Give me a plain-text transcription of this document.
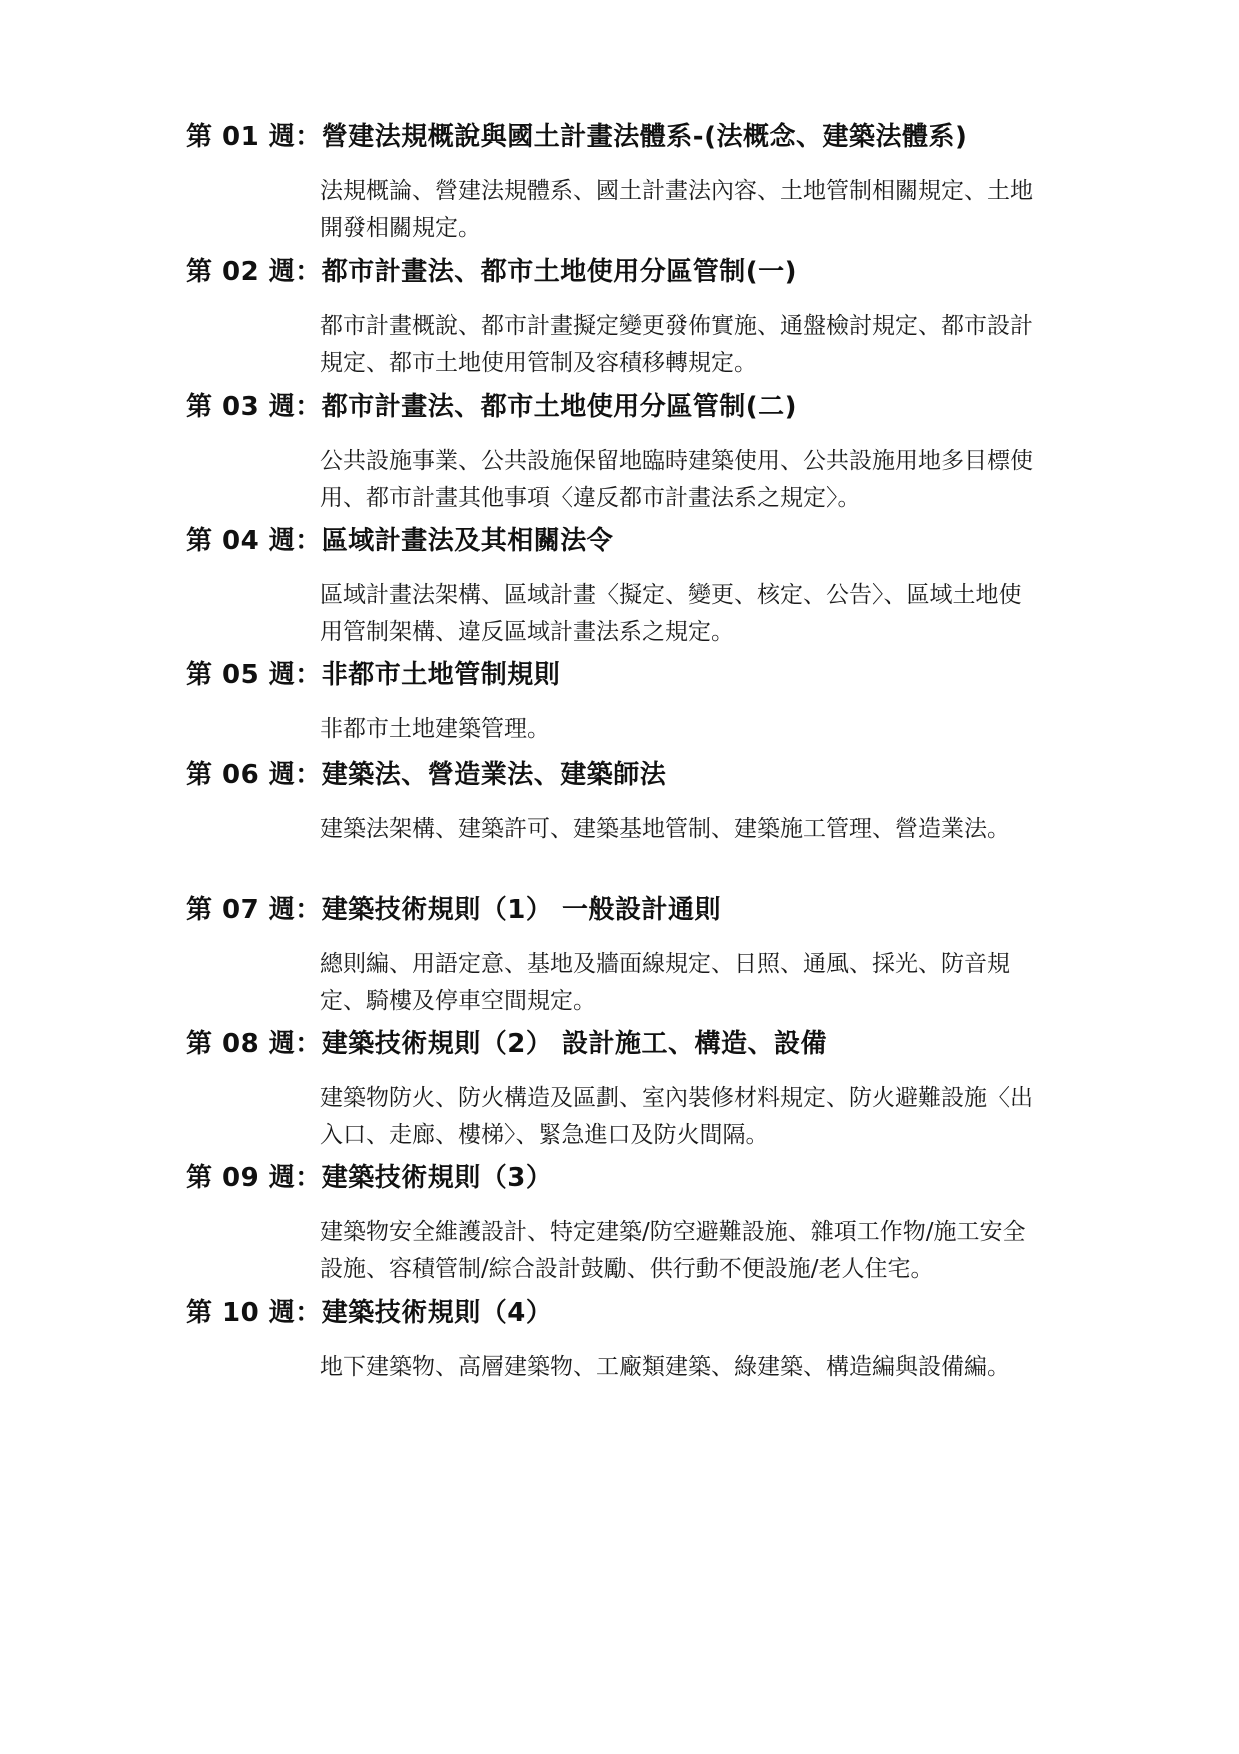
第 01 週：營建法規概說與國土計畫法體系-(法概念、建築法體系)
法規概論、營建法規體系、國土計畫法內容、土地管制相關規定、土地開發相關規定。
第 02 週：都市計畫法、都市土地使用分區管制(一)
都市計畫概說、都市計畫擬定變更發佈實施、通盤檢討規定、都市設計規定、都市土地使用管制及容積移轉規定。
第 03 週：都市計畫法、都市土地使用分區管制(二)
公共設施事業、公共設施保留地臨時建築使用、公共設施用地多目標使用、都市計畫其他事項〈違反都市計畫法系之規定〉。
第 04 週：區域計畫法及其相關法令
區域計畫法架構、區域計畫〈擬定、變更、核定、公告〉、區域土地使用管制架構、違反區域計畫法系之規定。
第 05 週：非都市土地管制規則
非都市土地建築管理。
第 06 週：建築法、營造業法、建築師法
建築法架構、建築許可、建築基地管制、建築施工管理、營造業法。
第 07 週：建築技術規則（1） 一般設計通則
總則編、用語定意、基地及牆面線規定、日照、通風、採光、防音規定、騎樓及停車空間規定。
第 08 週：建築技術規則（2） 設計施工、構造、設備
建築物防火、防火構造及區劃、室內裝修材料規定、防火避難設施〈出入口、走廊、樓梯〉、緊急進口及防火間隔。
第 09 週：建築技術規則（3）
建築物安全維護設計、特定建築/防空避難設施、雜項工作物/施工安全設施、容積管制/綜合設計鼓勵、供行動不便設施/老人住宅。
第 10 週：建築技術規則（4）
地下建築物、高層建築物、工廠類建築、綠建築、構造編與設備編。
